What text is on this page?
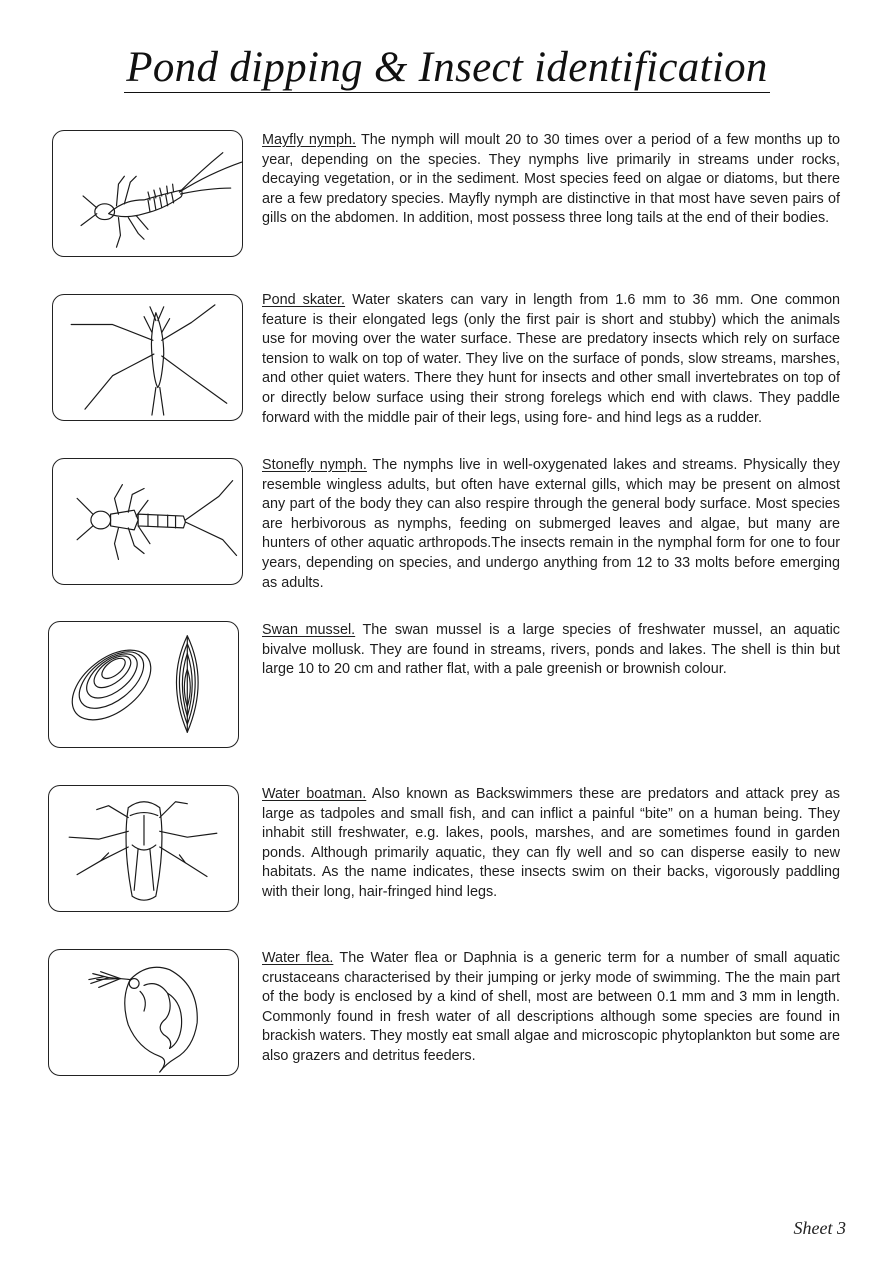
Pond dipping & Insect identification
Mayfly nymph. The nymph will moult 20 to 30 times over a period of a few months up to year, depending on the species. They nymphs live primarily in streams under rocks, decaying vegetation, or in the sediment. Most species feed on algae or diatoms, but there are a few predatory species. Mayfly nymph are distinctive in that most have seven pairs of gills on the abdomen. In addition, most possess three long tails at the end of their bodies.
Pond skater. Water skaters can vary in length from 1.6 mm to 36 mm. One common feature is their elongated legs (only the first pair is short and stubby) which the animals use for moving over the water surface. These are predatory insects which rely on surface tension to walk on top of water. They live on the surface of ponds, slow streams, marshes, and other quiet waters. There they hunt for insects and other small invertebrates on top of or directly below surface using their strong forelegs which end with claws. They paddle forward with the middle pair of their legs, using fore- and hind legs as a rudder.
Stonefly nymph. The nymphs live in well-oxygenated lakes and streams. Physically they resemble wingless adults, but often have external gills, which may be present on almost any part of the body they can also respire through the general body surface. Most species are herbivorous as nymphs, feeding on submerged leaves and algae, but many are hunters of other aquatic arthropods.The insects remain in the nymphal form for one to four years, depending on species, and undergo anything from 12 to 33 molts before emerging as adults.
Swan mussel. The swan mussel is a large species of freshwater mussel, an aquatic bivalve mollusk. They are found in streams, rivers, ponds and lakes. The shell is thin but large 10 to 20 cm and rather flat, with a pale greenish or brownish colour.
Water boatman. Also known as Backswimmers these are predators and attack prey as large as tadpoles and small fish, and can inflict a painful “bite” on a human being. They inhabit still freshwater, e.g. lakes, pools, marshes, and are sometimes found in garden ponds. Although primarily aquatic, they can fly well and so can disperse easily to new habitats. As the name indicates, these insects swim on their backs, vigorously paddling with their long, hair-fringed hind legs.
Water flea. The Water flea or Daphnia is a generic term for a number of small aquatic crustaceans characterised by their jumping or jerky mode of swimming. The the main part of the body is enclosed by a kind of shell, most are between 0.1 mm and 3 mm in length. Commonly found in fresh water of all descriptions although some species are found in brackish waters. They mostly eat small algae and microscopic phytoplankton but some are also grazers and detritus feeders.
Sheet 3
